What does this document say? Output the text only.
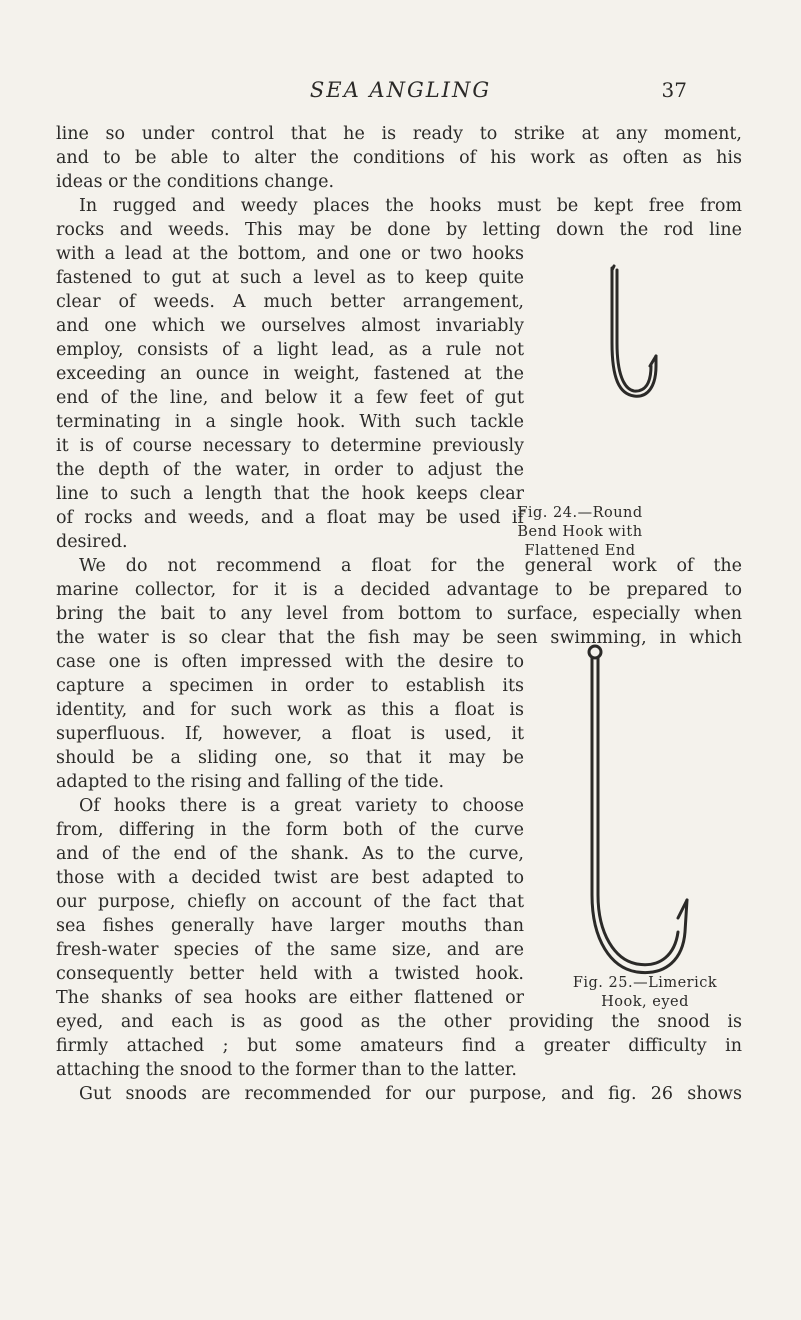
SEA ANGLING	37
line so under control that he is ready to strike at any moment,
and to be able to alter the conditions of his work as often as his
ideas or the conditions change.
In rugged and weedy places the hooks must be kept free from
rocks and weeds. This may be done by letting down the rod line
with a lead at the bottom, and one or two hooks
fastened to gut at such a level as to keep quite
clear of weeds. A much better arrangement,
and one which we ourselves almost invariably
employ, consists of a light lead, as a rule not
exceeding an ounce in weight, fastened at the
end of the line, and below it a few feet of gut
terminating in a single hook. With such tackle
it is of course necessary to determine previously
the depth of the water, in order to adjust the
line to such a length that the hook keeps clear
of rocks and weeds, and a float may be used if
desired.
We do not recommend a float for the general work of the
marine collector, for it is a decided advantage to be prepared to
bring the bait to any level from bottom to surface, especially when
the water is so clear that the fish may be seen swimming, in which
case one is often impressed with the desire to
capture a specimen in order to establish its
identity, and for such work as this a float is
superfluous. If, however, a float is used, it
should be a sliding one, so that it may be
adapted to the rising and falling of the tide.
Of hooks there is a great variety to choose
from, differing in the form both of the curve
and of the end of the shank. As to the curve,
those with a decided twist are best adapted to
our purpose, chiefly on account of the fact that
sea fishes generally have larger mouths than
fresh-water species of the same size, and are
consequently better held with a twisted hook.
The shanks of sea hooks are either flattened or
eyed, and each is as good as the other providing the snood is
firmly attached ; but some amateurs find a greater difficulty in
attaching the snood to the former than to the latter.
Gut snoods are recommended for our purpose, and fig. 26 shows
Fig. 24.—Round
Bend Hook with
Flattened End
Fig. 25.—Limerick
Hook, eyed
